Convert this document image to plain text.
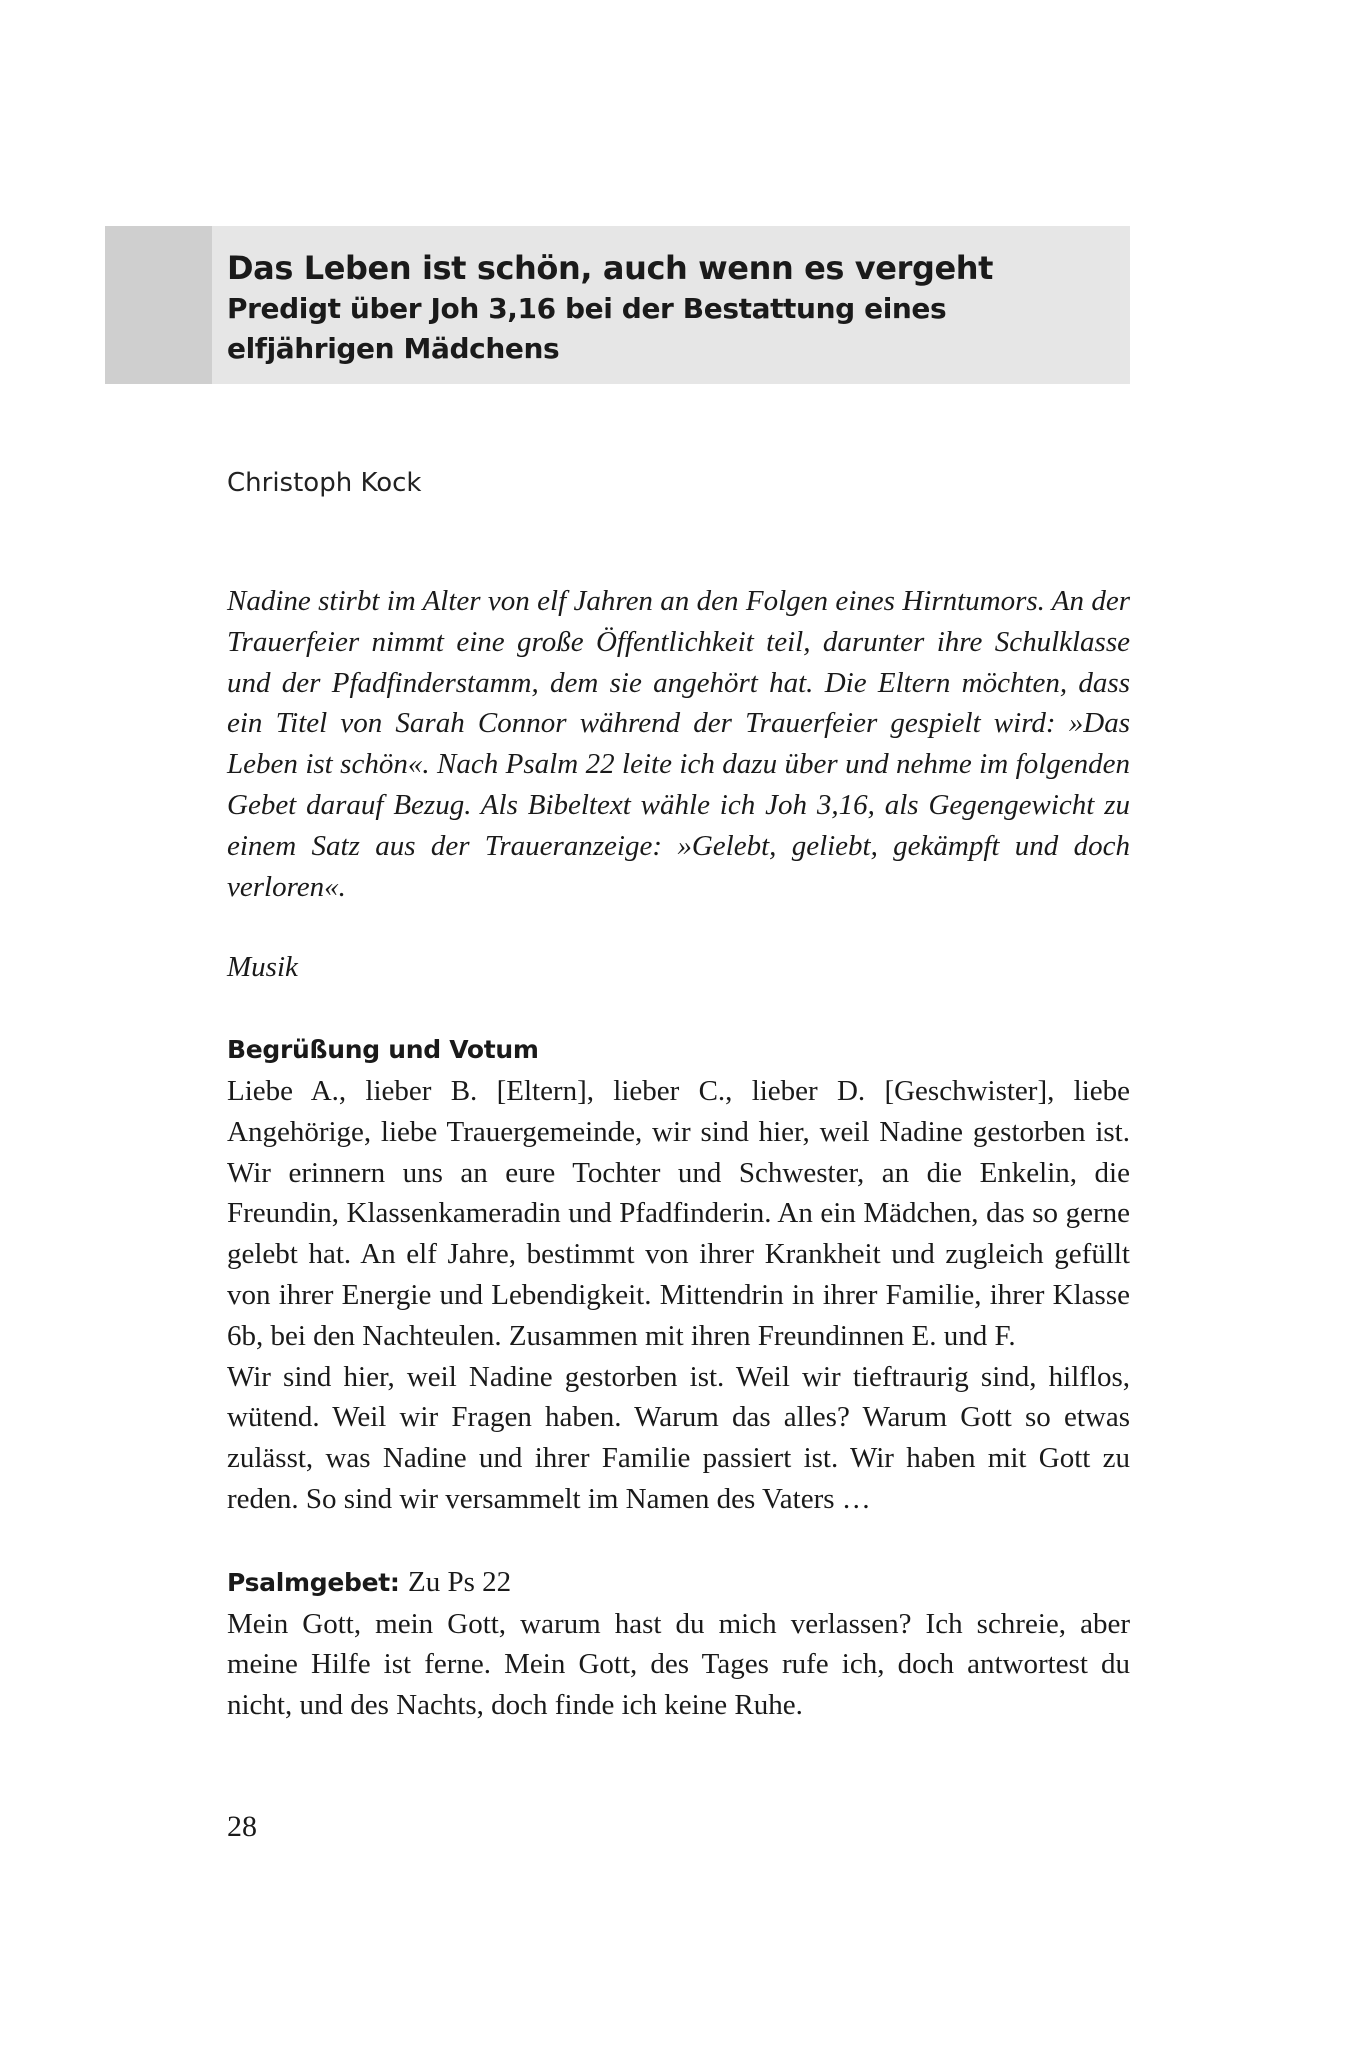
Das Leben ist schön, auch wenn es vergeht
Predigt über Joh 3,16 bei der Bestattung eines elfjährigen Mädchens
Christoph Kock

Nadine stirbt im Alter von elf Jahren an den Folgen eines Hirntumors. An der Trauerfeier nimmt eine große Öffentlichkeit teil, darunter ihre Schulklasse und der Pfadfinderstamm, dem sie angehört hat. Die Eltern möchten, dass ein Titel von Sarah Connor während der Trauerfeier gespielt wird: »Das Leben ist schön«. Nach Psalm 22 leite ich dazu über und nehme im folgenden Gebet darauf Bezug. Als Bibeltext wähle ich Joh 3,16, als Gegengewicht zu einem Satz aus der Traueranzeige: »Gelebt, geliebt, gekämpft und doch verloren«.

Musik

Begrüßung und Votum

Liebe A., lieber B. [Eltern], lieber C., lieber D. [Geschwister], liebe Angehörige, liebe Trauergemeinde, wir sind hier, weil Nadine gestorben ist. Wir erinnern uns an eure Tochter und Schwester, an die Enkelin, die Freundin, Klassenkameradin und Pfadfinderin. An ein Mädchen, das so gerne gelebt hat. An elf Jahre, bestimmt von ihrer Krankheit und zugleich gefüllt von ihrer Energie und Lebendigkeit. Mittendrin in ihrer Familie, ihrer Klasse 6b, bei den Nachteulen. Zusammen mit ihren Freundinnen E. und F.

Wir sind hier, weil Nadine gestorben ist. Weil wir tieftraurig sind, hilflos, wütend. Weil wir Fragen haben. Warum das alles? Warum Gott so etwas zulässt, was Nadine und ihrer Familie passiert ist. Wir haben mit Gott zu reden. So sind wir versammelt im Namen des Vaters …

Psalmgebet: Zu Ps 22

Mein Gott, mein Gott, warum hast du mich verlassen? Ich schreie, aber meine Hilfe ist ferne. Mein Gott, des Tages rufe ich, doch antwortest du nicht, und des Nachts, doch finde ich keine Ruhe.

28
